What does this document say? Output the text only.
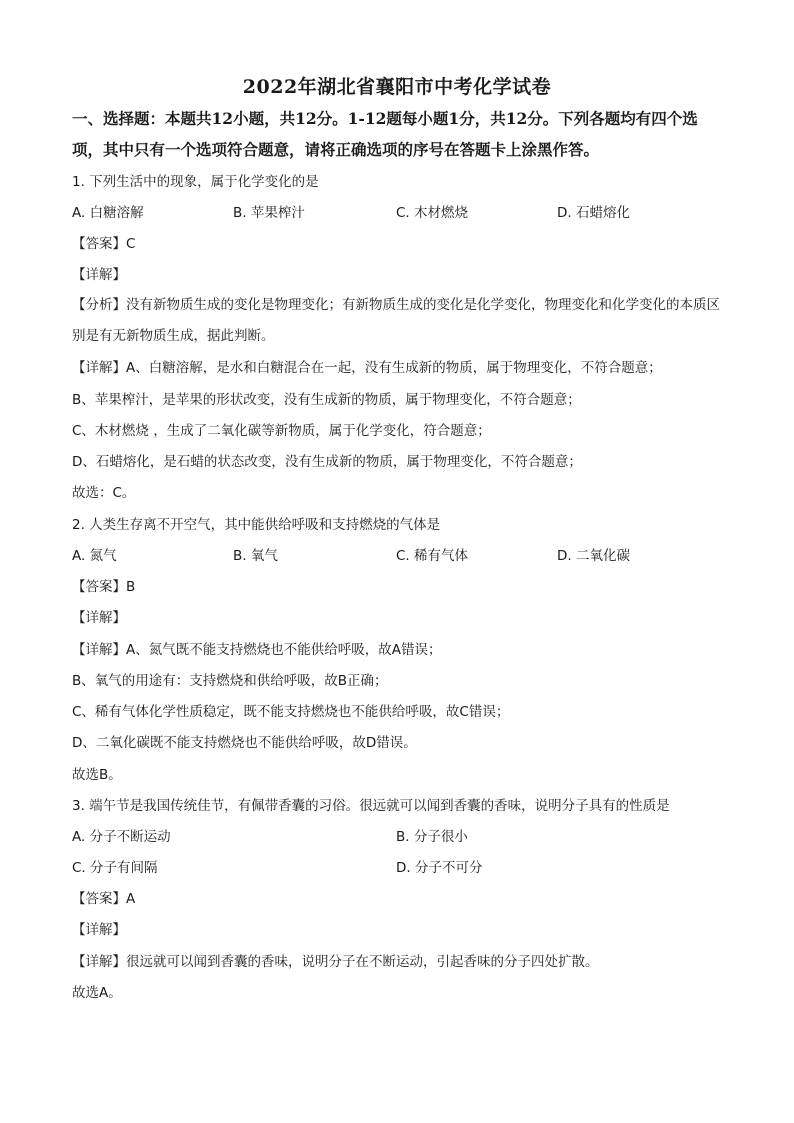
2022年湖北省襄阳市中考化学试卷
一、选择题：本题共12小题，共12分。1-12题每小题1分，共12分。下列各题均有四个选项，其中只有一个选项符合题意，请将正确选项的序号在答题卡上涂黑作答。
1. 下列生活中的现象，属于化学变化的是
A. 白糖溶解	B. 苹果榨汁	C. 木材燃烧	D. 石蜡熔化
【答案】C
【详解】
【分析】没有新物质生成的变化是物理变化；有新物质生成的变化是化学变化，物理变化和化学变化的本质区别是有无新物质生成，据此判断。
【详解】A、白糖溶解，是水和白糖混合在一起，没有生成新的物质，属于物理变化，不符合题意；
B、苹果榨汁，是苹果的形状改变，没有生成新的物质，属于物理变化，不符合题意；
C、木材燃烧 ，生成了二氧化碳等新物质，属于化学变化，符合题意；
D、石蜡熔化，是石蜡的状态改变，没有生成新的物质，属于物理变化，不符合题意；
故选：C。
2. 人类生存离不开空气，其中能供给呼吸和支持燃烧的气体是
A. 氮气	B. 氧气	C. 稀有气体	D. 二氧化碳
【答案】B
【详解】
【详解】A、氮气既不能支持燃烧也不能供给呼吸，故A错误；
B、氧气的用途有：支持燃烧和供给呼吸，故B正确；
C、稀有气体化学性质稳定，既不能支持燃烧也不能供给呼吸，故C错误；
D、二氧化碳既不能支持燃烧也不能供给呼吸，故D错误。
故选B。
3. 端午节是我国传统佳节，有佩带香囊的习俗。很远就可以闻到香囊的香味，说明分子具有的性质是
A. 分子不断运动	B. 分子很小
C. 分子有间隔	D. 分子不可分
【答案】A
【详解】
【详解】很远就可以闻到香囊的香味，说明分子在不断运动，引起香味的分子四处扩散。
故选A。
